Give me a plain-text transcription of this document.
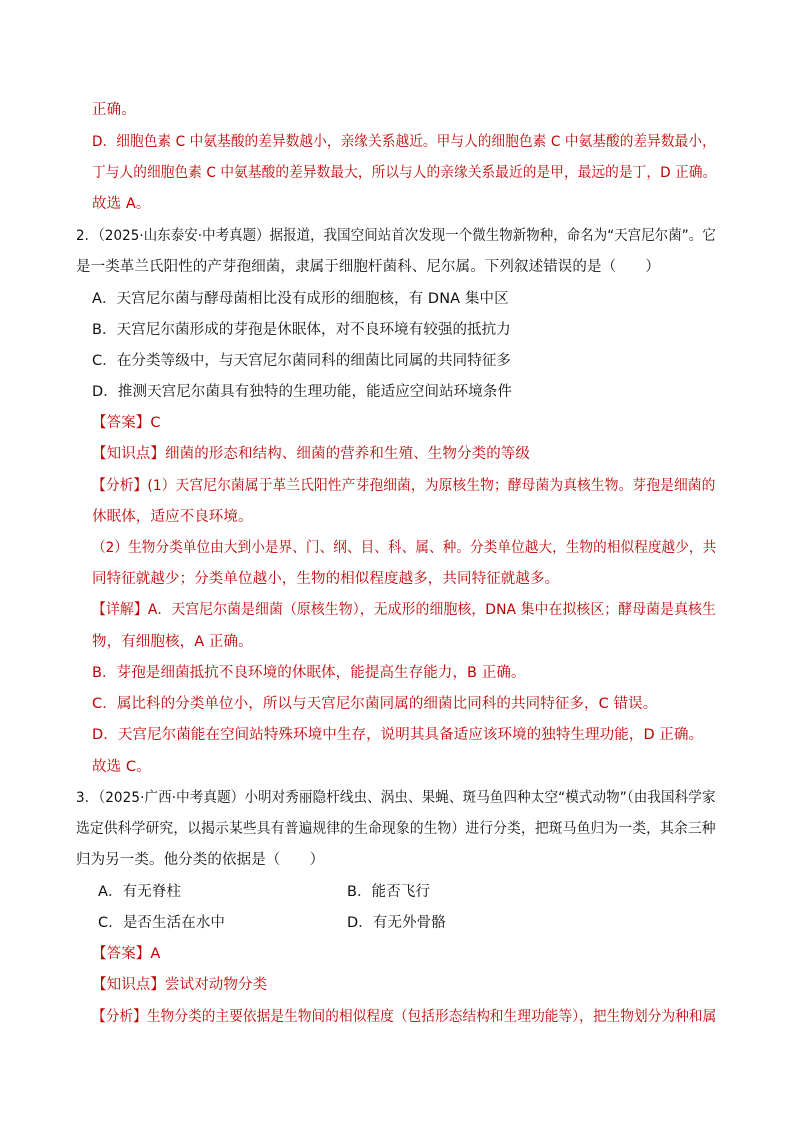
正确。
D．细胞色素 C 中氨基酸的差异数越小，亲缘关系越近。甲与人的细胞色素 C 中氨基酸的差异数最小，
丁与人的细胞色素 C 中氨基酸的差异数最大，所以与人的亲缘关系最近的是甲，最远的是丁，D 正确。
故选 A。
2．（2025·山东泰安·中考真题）据报道，我国空间站首次发现一个微生物新物种，命名为“天宫尼尔菌”。它
是一类革兰氏阳性的产芽孢细菌，隶属于细胞杆菌科、尼尔属。下列叙述错误的是（　　）
A．天宫尼尔菌与酵母菌相比没有成形的细胞核，有 DNA 集中区
B．天宫尼尔菌形成的芽孢是休眠体，对不良环境有较强的抵抗力
C．在分类等级中，与天宫尼尔菌同科的细菌比同属的共同特征多
D．推测天宫尼尔菌具有独特的生理功能，能适应空间站环境条件
【答案】C
【知识点】细菌的形态和结构、细菌的营养和生殖、生物分类的等级
【分析】(1）天宫尼尔菌属于革兰氏阳性产芽孢细菌，为原核生物；酵母菌为真核生物。芽孢是细菌的
休眠体，适应不良环境。
（2）生物分类单位由大到小是界、门、纲、目、科、属、种。分类单位越大，生物的相似程度越少，共
同特征就越少；分类单位越小，生物的相似程度越多，共同特征就越多。
【详解】A．天宫尼尔菌是细菌（原核生物），无成形的细胞核，DNA 集中在拟核区；酵母菌是真核生
物，有细胞核，A 正确。
B．芽孢是细菌抵抗不良环境的休眠体，能提高生存能力，B 正确。
C．属比科的分类单位小，所以与天宫尼尔菌同属的细菌比同科的共同特征多，C 错误。
D．天宫尼尔菌能在空间站特殊环境中生存，说明其具备适应该环境的独特生理功能，D 正确。
故选 C。
3．（2025·广西·中考真题）小明对秀丽隐杆线虫、涡虫、果蝇、斑马鱼四种太空“模式动物”（由我国科学家
选定供科学研究，以揭示某些具有普遍规律的生命现象的生物）进行分类，把斑马鱼归为一类，其余三种
归为另一类。他分类的依据是（　　）
A．有无脊柱	B．能否飞行
C．是否生活在水中	D．有无外骨骼
【答案】A
【知识点】尝试对动物分类
【分析】生物分类的主要依据是生物间的相似程度（包括形态结构和生理功能等），把生物划分为种和属
